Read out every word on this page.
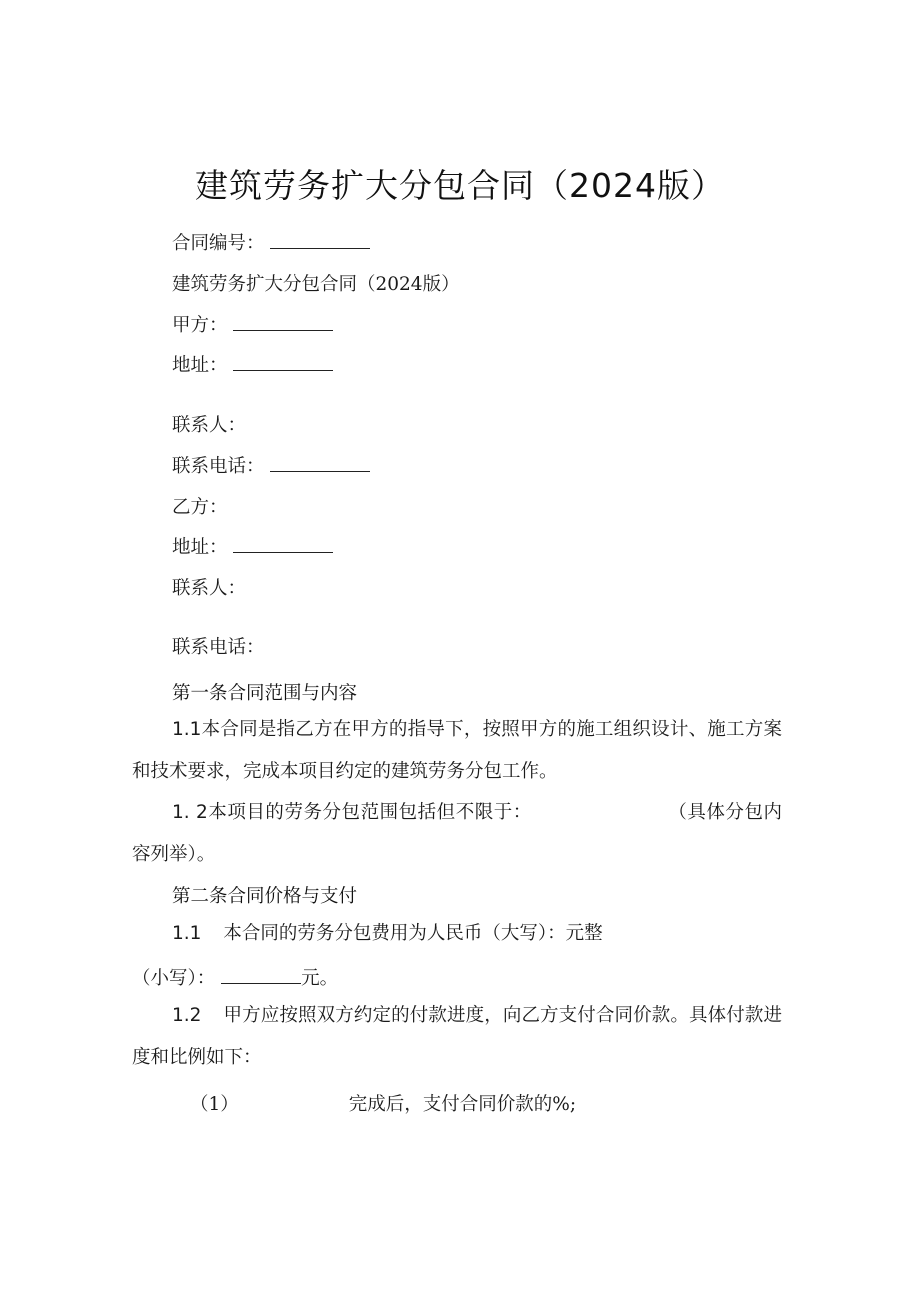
建筑劳务扩大分包合同（2024版）
合同编号：
建筑劳务扩大分包合同（2024版）
甲方：
地址：
联系人：
联系电话：
乙方：
地址：
联系人：
联系电话：
第一条合同范围与内容
1.1本合同是指乙方在甲方的指导下，按照甲方的施工组织设计、施工方案和技术要求，完成本项目约定的建筑劳务分包工作。
1. 2本项目的劳务分包范围包括但不限于：	（具体分包内容列举）。
第二条合同价格与支付
1.1 本合同的劳务分包费用为人民币（大写）：元整
（小写）：	元。
1.2 甲方应按照双方约定的付款进度，向乙方支付合同价款。具体付款进度和比例如下：
（1）	完成后，支付合同价款的%;
